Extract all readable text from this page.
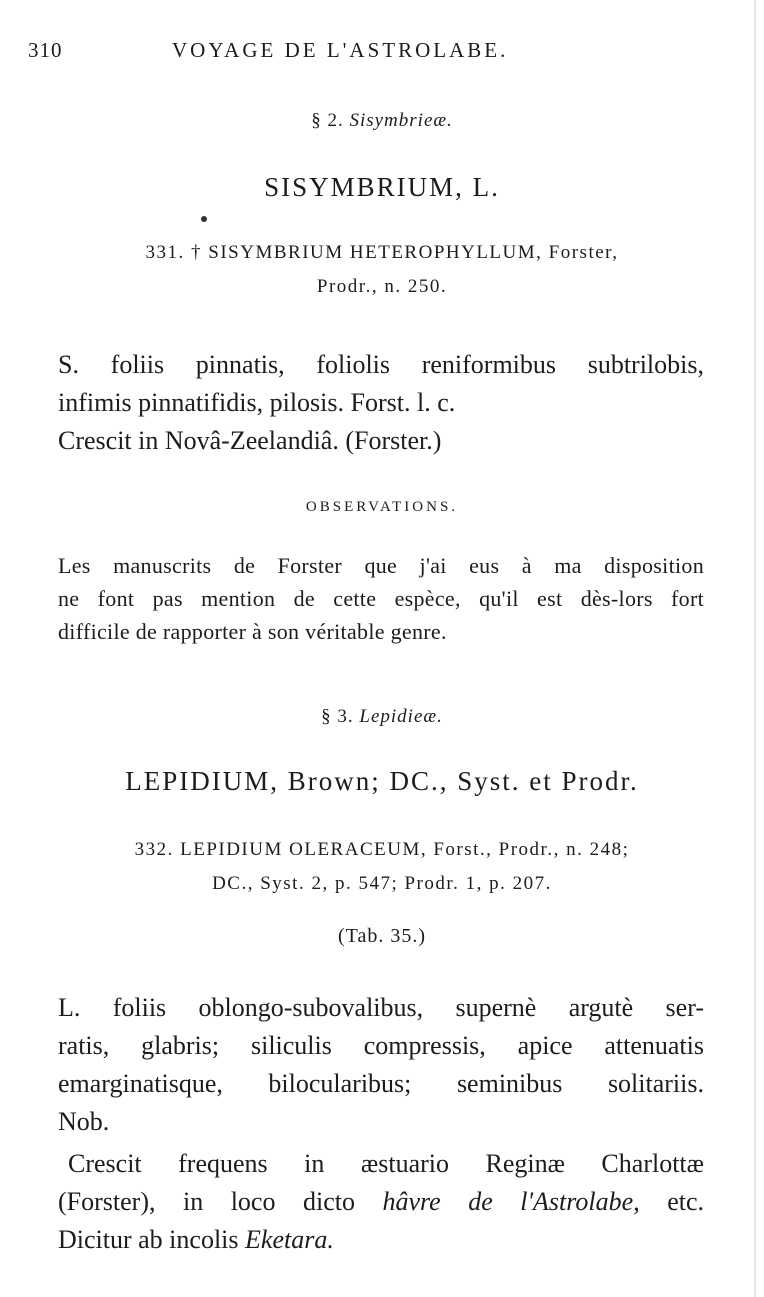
310	VOYAGE DE L'ASTROLABE.
§ 2. Sisymbrieæ.
SISYMBRIUM, L.
331. † SISYMBRIUM HETEROPHYLLUM, Forster,
Prodr., n. 250.
S. foliis pinnatis, foliolis reniformibus subtrilobis,
infimis pinnatifidis, pilosis. Forst. l. c.
Crescit in Novâ-Zeelandiâ. (Forster.)
OBSERVATIONS.
Les manuscrits de Forster que j'ai eus à ma disposition
ne font pas mention de cette espèce, qu'il est dès-lors fort
difficile de rapporter à son véritable genre.
§ 3. Lepidieæ.
LEPIDIUM, Brown; DC., Syst. et Prodr.
332. LEPIDIUM OLERACEUM, Forst., Prodr., n. 248;
DC., Syst. 2, p. 547; Prodr. 1, p. 207.
(Tab. 35.)
L. foliis oblongo-subovalibus, supernè argutè ser-
ratis, glabris; siliculis compressis, apice attenuatis
emarginatisque, bilocularibus; seminibus solitariis.
Nob.
Crescit frequens in æstuario Reginæ Charlottæ
(Forster), in loco dicto hâvre de l'Astrolabe, etc.
Dicitur ab incolis Eketara.
